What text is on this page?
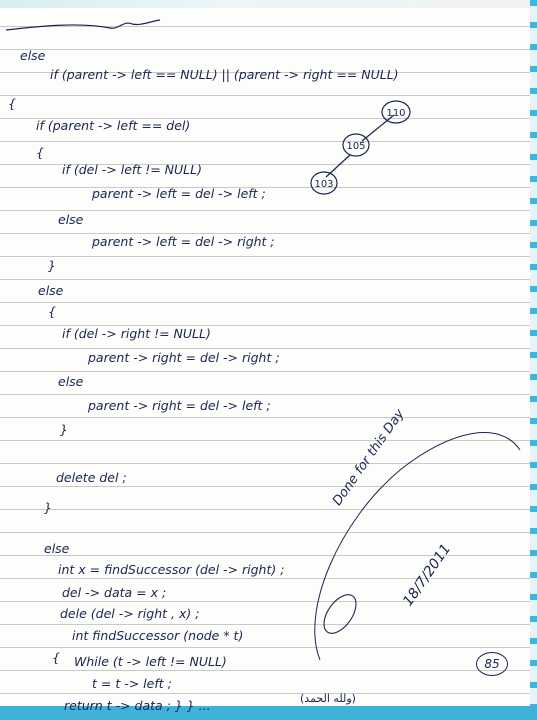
else

if (parent -> left == NULL) || (parent -> right == NULL)

{

if (parent -> left == del)

{

if (del -> left != NULL)

parent -> left = del -> left ;

else

parent -> left = del -> right ;

}

else

{

if (del -> right != NULL)

parent -> right = del -> right ;

else

parent -> right = del -> left ;

}

delete del ;

}

else

int x = findSuccessor (del -> right) ;

del -> data = x ;

dele (del -> right , x) ;

int findSuccessor (node * t)

{ While (t -> left != NULL)

t = t -> left ;

return t -> data ; } } ...

110
105
103

Done for this Day

18/7/2011

85

(ولله الحمد)
